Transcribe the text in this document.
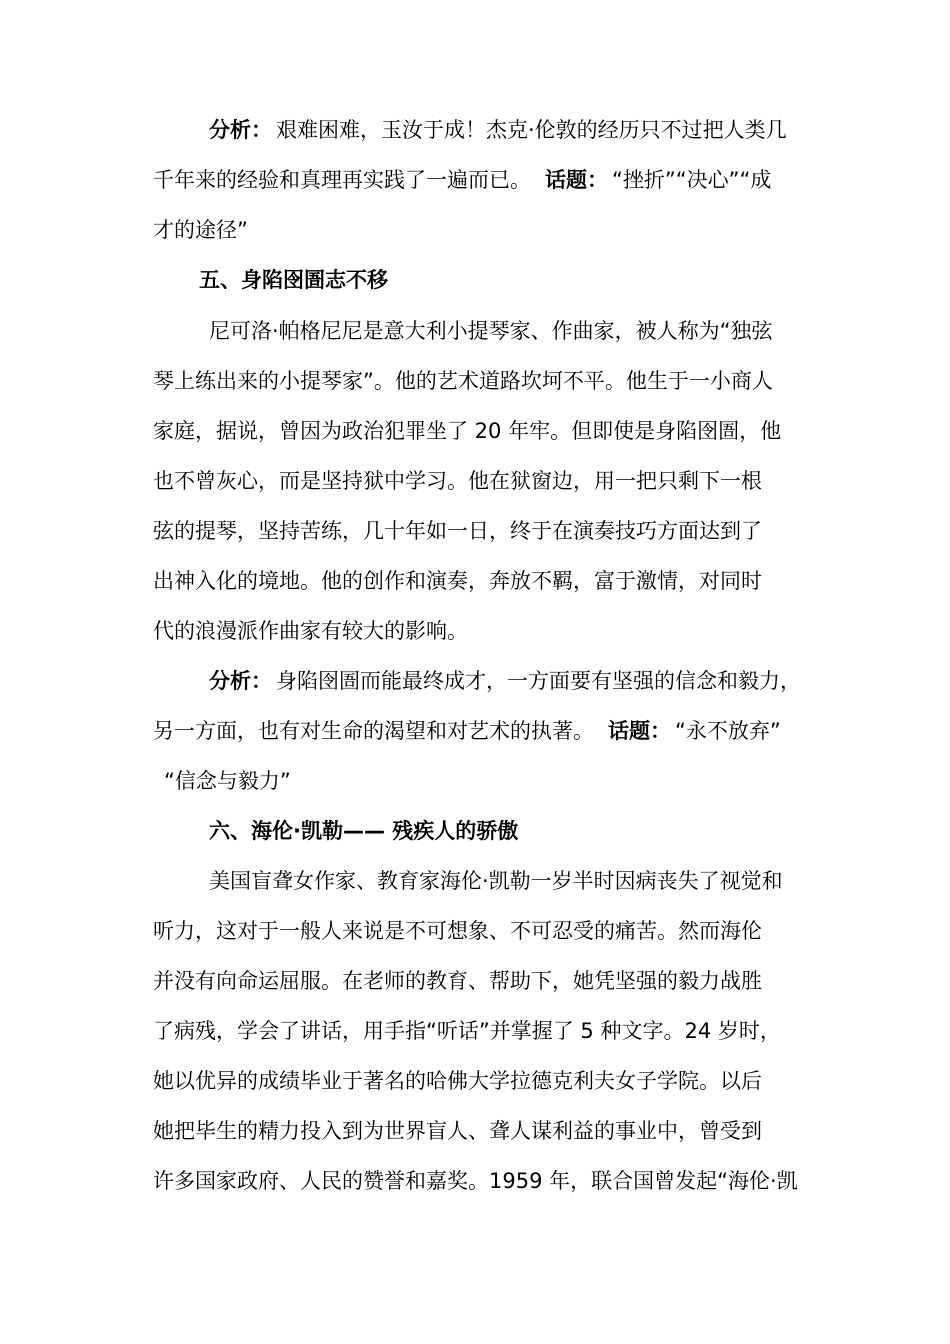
分析： 艰难困难，玉汝于成！杰克·伦敦的经历只不过把人类几

千年来的经验和真理再实践了一遍而已。 话题： “挫折”“决心”“成

才的途径”

五、身陷囹圄志不移

尼可洛·帕格尼尼是意大利小提琴家、作曲家，被人称为“独弦

琴上练出来的小提琴家”。他的艺术道路坎坷不平。他生于一小商人

家庭，据说，曾因为政治犯罪坐了 20 年牢。但即使是身陷囹圄，他

也不曾灰心，而是坚持狱中学习。他在狱窗边，用一把只剩下一根

弦的提琴，坚持苦练，几十年如一日，终于在演奏技巧方面达到了

出神入化的境地。他的创作和演奏，奔放不羁，富于激情，对同时

代的浪漫派作曲家有较大的影响。

分析： 身陷囹圄而能最终成才，一方面要有坚强的信念和毅力，

另一方面，也有对生命的渴望和对艺术的执著。 话题： “永不放弃”

“信念与毅力”

六、海伦·凯勒—— 残疾人的骄傲

美国盲聋女作家、教育家海伦·凯勒一岁半时因病丧失了视觉和

听力，这对于一般人来说是不可想象、不可忍受的痛苦。然而海伦

并没有向命运屈服。在老师的教育、帮助下，她凭坚强的毅力战胜

了病残，学会了讲话，用手指“听话”并掌握了 5 种文字。24 岁时，

她以优异的成绩毕业于著名的哈佛大学拉德克利夫女子学院。以后

她把毕生的精力投入到为世界盲人、聋人谋利益的事业中，曾受到

许多国家政府、人民的赞誉和嘉奖。1959 年，联合国曾发起“海伦·凯
